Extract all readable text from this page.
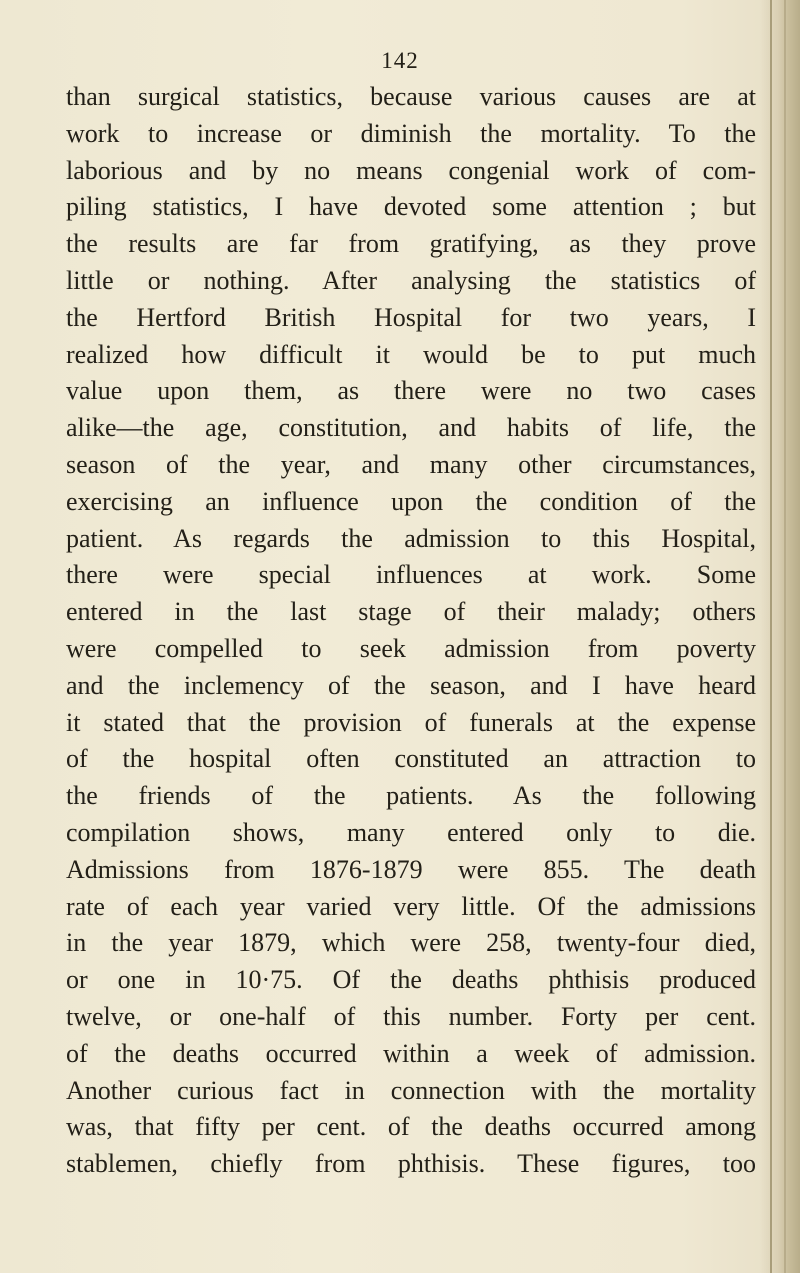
142
than surgical statistics, because various causes are at
work to increase or diminish the mortality. To the
laborious and by no means congenial work of com-
piling statistics, I have devoted some attention ; but
the results are far from gratifying, as they prove
little or nothing. After analysing the statistics of
the Hertford British Hospital for two years, I
realized how difficult it would be to put much
value upon them, as there were no two cases
alike—the age, constitution, and habits of life, the
season of the year, and many other circumstances,
exercising an influence upon the condition of the
patient. As regards the admission to this Hospital,
there were special influences at work. Some
entered in the last stage of their malady; others
were compelled to seek admission from poverty
and the inclemency of the season, and I have heard
it stated that the provision of funerals at the expense
of the hospital often constituted an attraction to
the friends of the patients. As the following
compilation shows, many entered only to die.
Admissions from 1876-1879 were 855. The death
rate of each year varied very little. Of the admissions
in the year 1879, which were 258, twenty-four died,
or one in 10·75. Of the deaths phthisis produced
twelve, or one-half of this number. Forty per cent.
of the deaths occurred within a week of admission.
Another curious fact in connection with the mortality
was, that fifty per cent. of the deaths occurred among
stablemen, chiefly from phthisis. These figures, too
